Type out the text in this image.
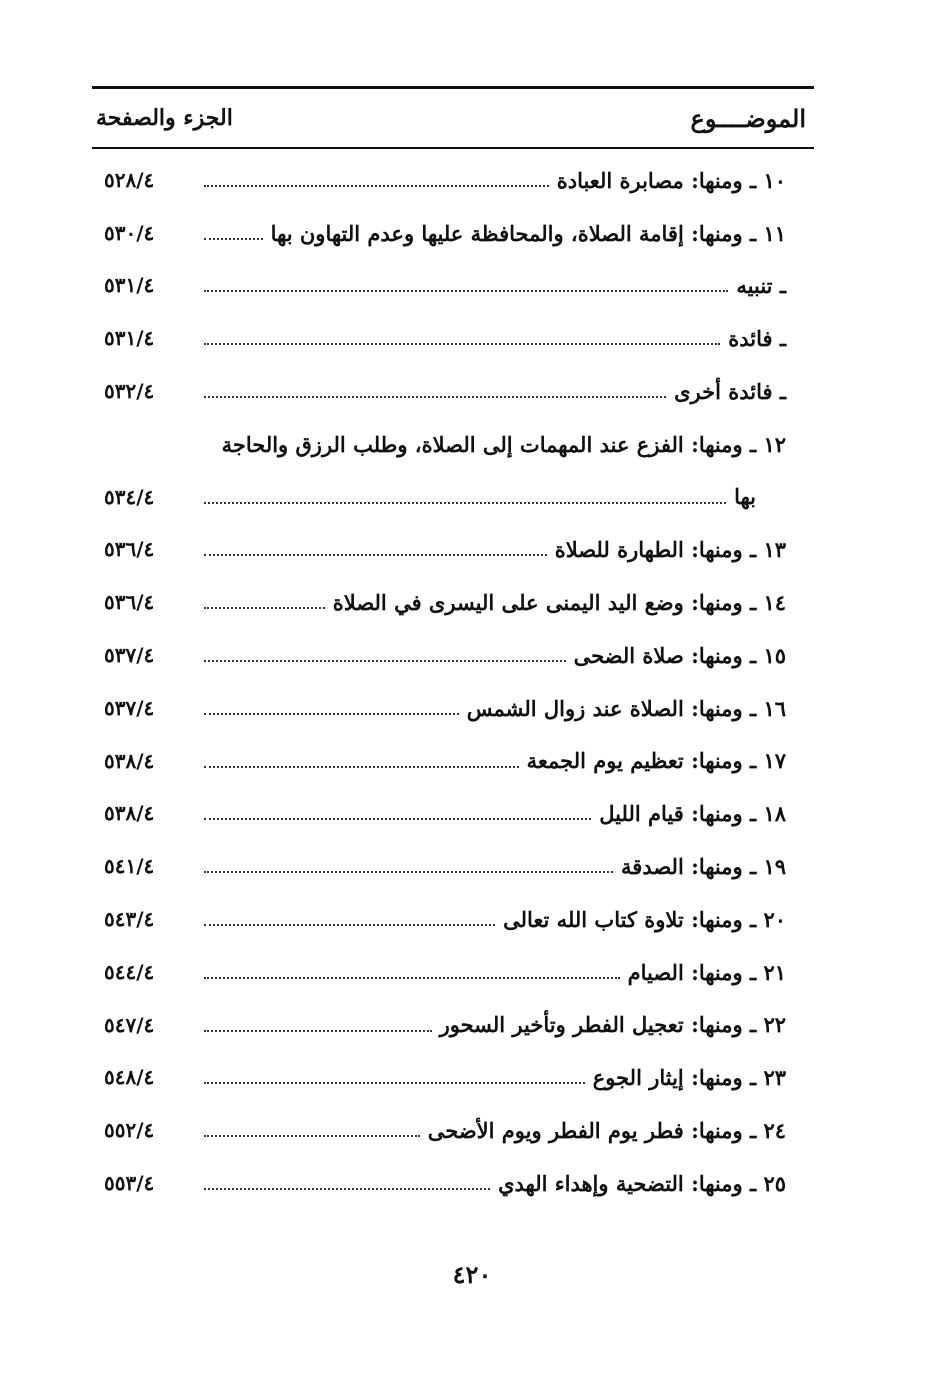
الموضــــوع
الجزء والصفحة
١٠ ـ ومنها: مصابرة العبادة
٥٢٨/٤
١١ ـ ومنها: إقامة الصلاة، والمحافظة عليها وعدم التهاون بها
٥٣٠/٤
ـ تنبيه
٥٣١/٤
ـ فائدة
٥٣١/٤
ـ فائدة أخرى
٥٣٢/٤
١٢ ـ ومنها: الفزع عند المهمات إلى الصلاة، وطلب الرزق والحاجة
بها
٥٣٤/٤
١٣ ـ ومنها: الطهارة للصلاة
٥٣٦/٤
١٤ ـ ومنها: وضع اليد اليمنى على اليسرى في الصلاة
٥٣٦/٤
١٥ ـ ومنها: صلاة الضحى
٥٣٧/٤
١٦ ـ ومنها: الصلاة عند زوال الشمس
٥٣٧/٤
١٧ ـ ومنها: تعظيم يوم الجمعة
٥٣٨/٤
١٨ ـ ومنها: قيام الليل
٥٣٨/٤
١٩ ـ ومنها: الصدقة
٥٤١/٤
٢٠ ـ ومنها: تلاوة كتاب الله تعالى
٥٤٣/٤
٢١ ـ ومنها: الصيام
٥٤٤/٤
٢٢ ـ ومنها: تعجيل الفطر وتأخير السحور
٥٤٧/٤
٢٣ ـ ومنها: إيثار الجوع
٥٤٨/٤
٢٤ ـ ومنها: فطر يوم الفطر ويوم الأضحى
٥٥٢/٤
٢٥ ـ ومنها: التضحية وإهداء الهدي
٥٥٣/٤
٤٢٠
